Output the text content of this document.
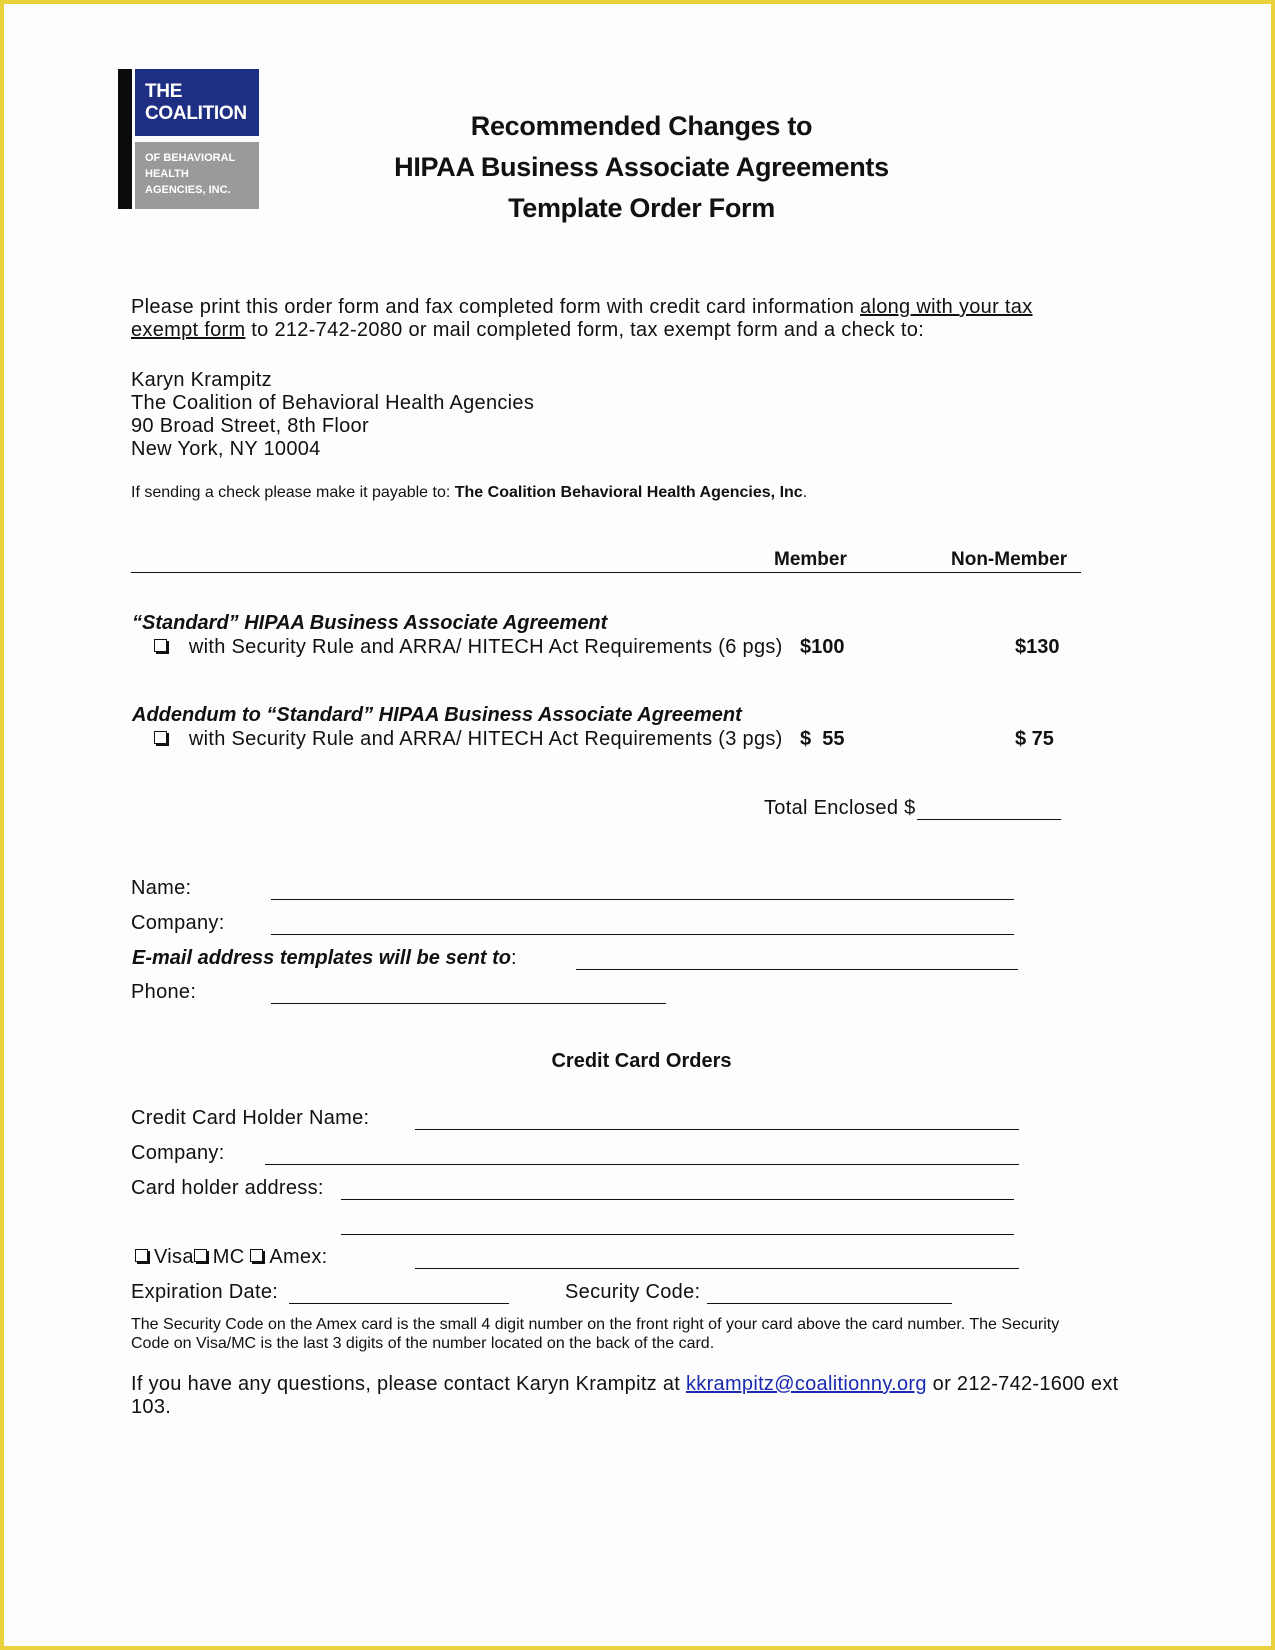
THE
COALITION
OF BEHAVIORAL
HEALTH
AGENCIES, INC.
Recommended Changes to
HIPAA Business Associate Agreements
Template Order Form
Please print this order form and fax completed form with credit card information along with your tax
exempt form to 212-742-2080 or mail completed form, tax exempt form and a check to:
Karyn Krampitz
The Coalition of Behavioral Health Agencies
90 Broad Street, 8th Floor
New York, NY 10004
If sending a check please make it payable to: The Coalition Behavioral Health Agencies, Inc.
Member	Non-Member
“Standard” HIPAA Business Associate Agreement
with Security Rule and ARRA/ HITECH Act Requirements (6 pgs) $100	$130
Addendum to “Standard” HIPAA Business Associate Agreement
with Security Rule and ARRA/ HITECH Act Requirements (3 pgs) $  55	$ 75
Total Enclosed $
Name:
Company:
E-mail address templates will be sent to:
Phone:
Credit Card Orders
Credit Card Holder Name:
Company:
Card holder address:
Visa MC Amex:
Expiration Date:	Security Code:
The Security Code on the Amex card is the small 4 digit number on the front right of your card above the card number. The Security
Code on Visa/MC is the last 3 digits of the number located on the back of the card.
If you have any questions, please contact Karyn Krampitz at kkrampitz@coalitionny.org or 212-742-1600 ext
103.
